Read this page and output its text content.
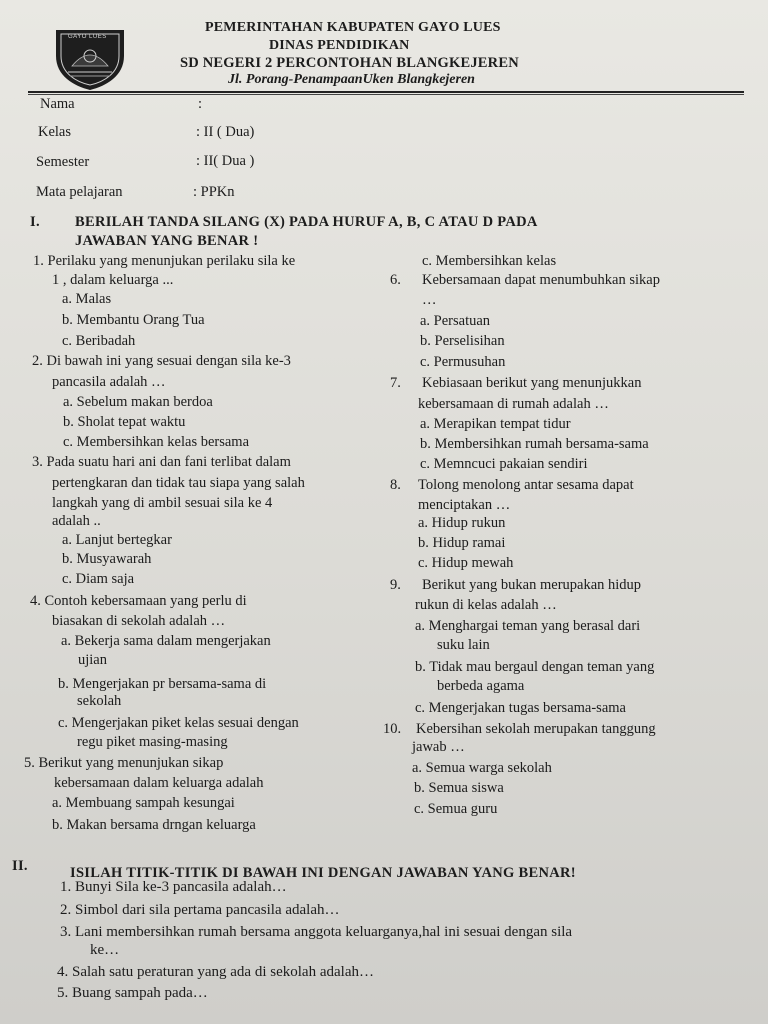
GAYO LUES
PEMERINTAHAN KABUPATEN GAYO LUES
DINAS PENDIDIKAN
SD NEGERI 2 PERCONTOHAN BLANGKEJEREN
Jl. Porang-PenampaanUken Blangkejeren
Nama	:
Kelas	: II ( Dua)
Semester	: II( Dua )
Mata pelajaran	: PPKn
I. BERILAH TANDA SILANG (X) PADA HURUF A, B, C ATAU D PADA
JAWABAN YANG BENAR !
1. Perilaku yang menunjukan perilaku sila ke
1 , dalam keluarga ...
a. Malas
b. Membantu Orang Tua
c. Beribadah
2. Di bawah ini yang sesuai dengan sila ke-3
pancasila adalah …
a. Sebelum makan berdoa
b. Sholat tepat waktu
c. Membersihkan kelas bersama
3. Pada suatu hari ani dan fani terlibat dalam
pertengkaran dan tidak tau siapa yang salah
langkah yang di ambil sesuai sila ke 4
adalah ..
a. Lanjut bertegkar
b. Musyawarah
c. Diam saja
4. Contoh kebersamaan yang perlu di
biasakan di sekolah adalah …
a. Bekerja sama dalam mengerjakan
ujian
b. Mengerjakan pr bersama-sama di
sekolah
c. Mengerjakan piket kelas sesuai dengan
regu piket masing-masing
5. Berikut yang menunjukan sikap
kebersamaan dalam keluarga adalah
a. Membuang sampah kesungai
b. Makan bersama drngan keluarga
c. Membersihkan kelas
6. Kebersamaan dapat menumbuhkan sikap
…
a. Persatuan
b. Perselisihan
c. Permusuhan
7. Kebiasaan berikut yang menunjukkan
kebersamaan di rumah adalah …
a. Merapikan tempat tidur
b. Membersihkan rumah bersama-sama
c. Memncuci pakaian sendiri
8. Tolong menolong antar sesama dapat
menciptakan …
a. Hidup rukun
b. Hidup ramai
c. Hidup mewah
9. Berikut yang bukan merupakan hidup
rukun di kelas adalah …
a. Menghargai teman yang berasal dari
suku lain
b. Tidak mau bergaul dengan teman yang
berbeda agama
c. Mengerjakan tugas bersama-sama
10. Kebersihan sekolah merupakan tanggung
jawab …
a. Semua warga sekolah
b. Semua siswa
c. Semua guru
II.	ISILAH TITIK-TITIK DI BAWAH INI DENGAN JAWABAN YANG BENAR!
1. Bunyi Sila ke-3 pancasila adalah…
2. Simbol dari sila pertama pancasila adalah…
3. Lani membersihkan rumah bersama anggota keluarganya,hal ini sesuai dengan sila
ke…
4. Salah satu peraturan yang ada di sekolah adalah…
5. Buang sampah pada…
